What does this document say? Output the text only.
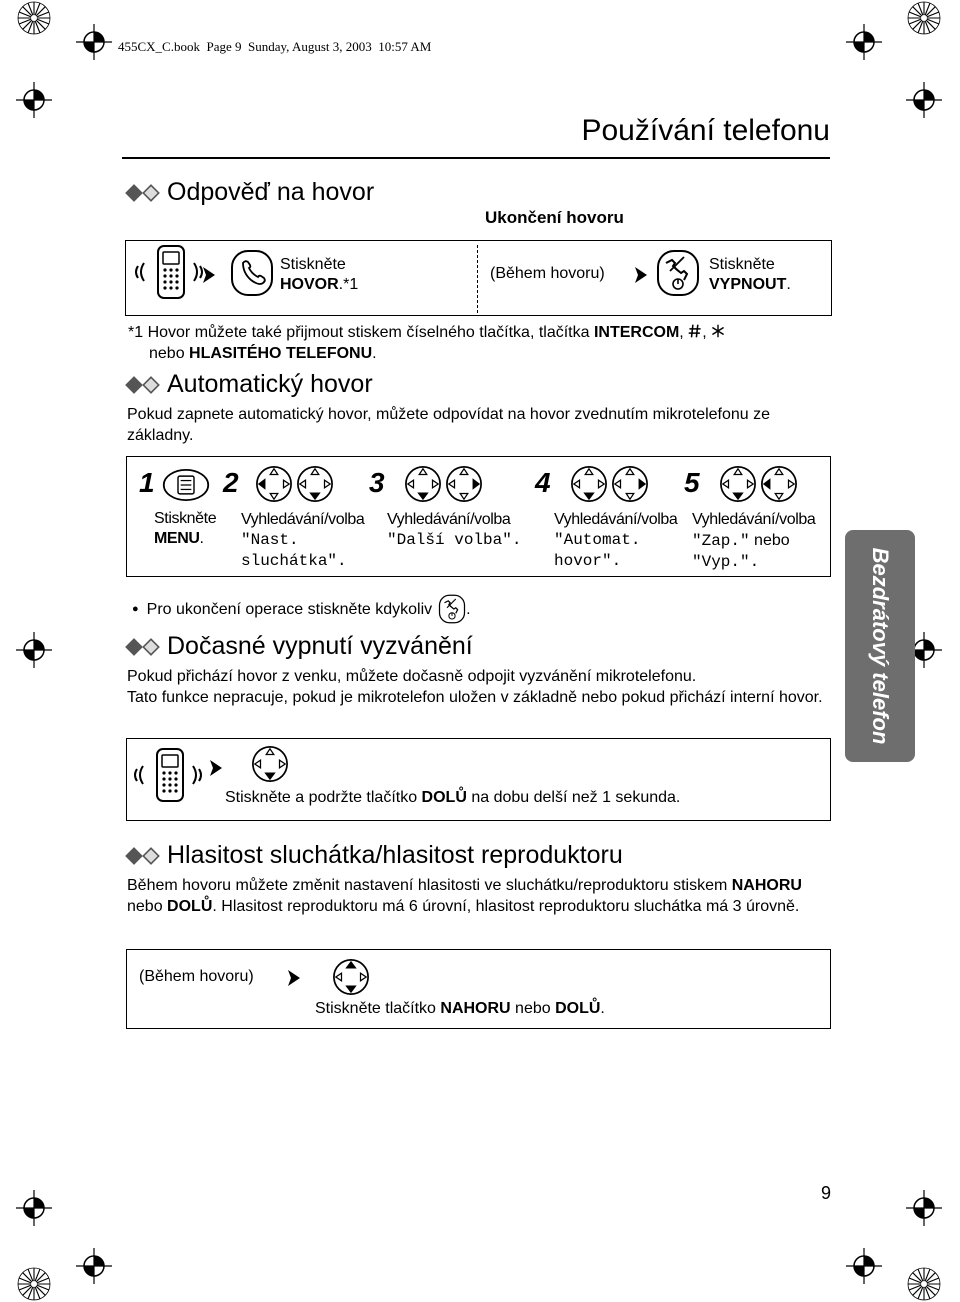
455CX_C.book  Page 9  Sunday, August 3, 2003  10:57 AM
Používání telefonu
Bezdrátový telefon
Odpověď na hovor
Ukončení hovoru
Stiskněte
HOVOR.*1
(Během hovoru)
Stiskněte
VYPNOUT.
*1 Hovor můžete také přijmout stiskem číselného tlačítka, tlačítka INTERCOM, ,
nebo HLASITÉHO TELEFONU.
Automatický hovor
Pokud zapnete automatický hovor, můžete odpovídat na hovor zvednutím mikrotelefonu ze základny.
1
Stiskněte
MENU.
2
Vyhledávání/volba
"Nast.
sluchátka".
3
Vyhledávání/volba
"Další volba".
4
Vyhledávání/volba
"Automat.
hovor".
5
Vyhledávání/volba
"Zap." nebo
"Vyp.".
● Pro ukončení operace stiskněte kdykoliv .
Dočasné vypnutí vyzvánění
Pokud přichází hovor z venku, můžete dočasně odpojit vyzvánění mikrotelefonu.
Tato funkce nepracuje, pokud je mikrotelefon uložen v základně nebo pokud přichází interní hovor.
Stiskněte a podržte tlačítko DOLŮ na dobu delší než 1 sekunda.
Hlasitost sluchátka/hlasitost reproduktoru
Během hovoru můžete změnit nastavení hlasitosti ve sluchátku/reproduktoru stiskem NAHORU nebo DOLŮ. Hlasitost reproduktoru má 6 úrovní, hlasitost reproduktoru sluchátka má 3 úrovně.
(Během hovoru)
Stiskněte tlačítko NAHORU nebo DOLŮ.
9
